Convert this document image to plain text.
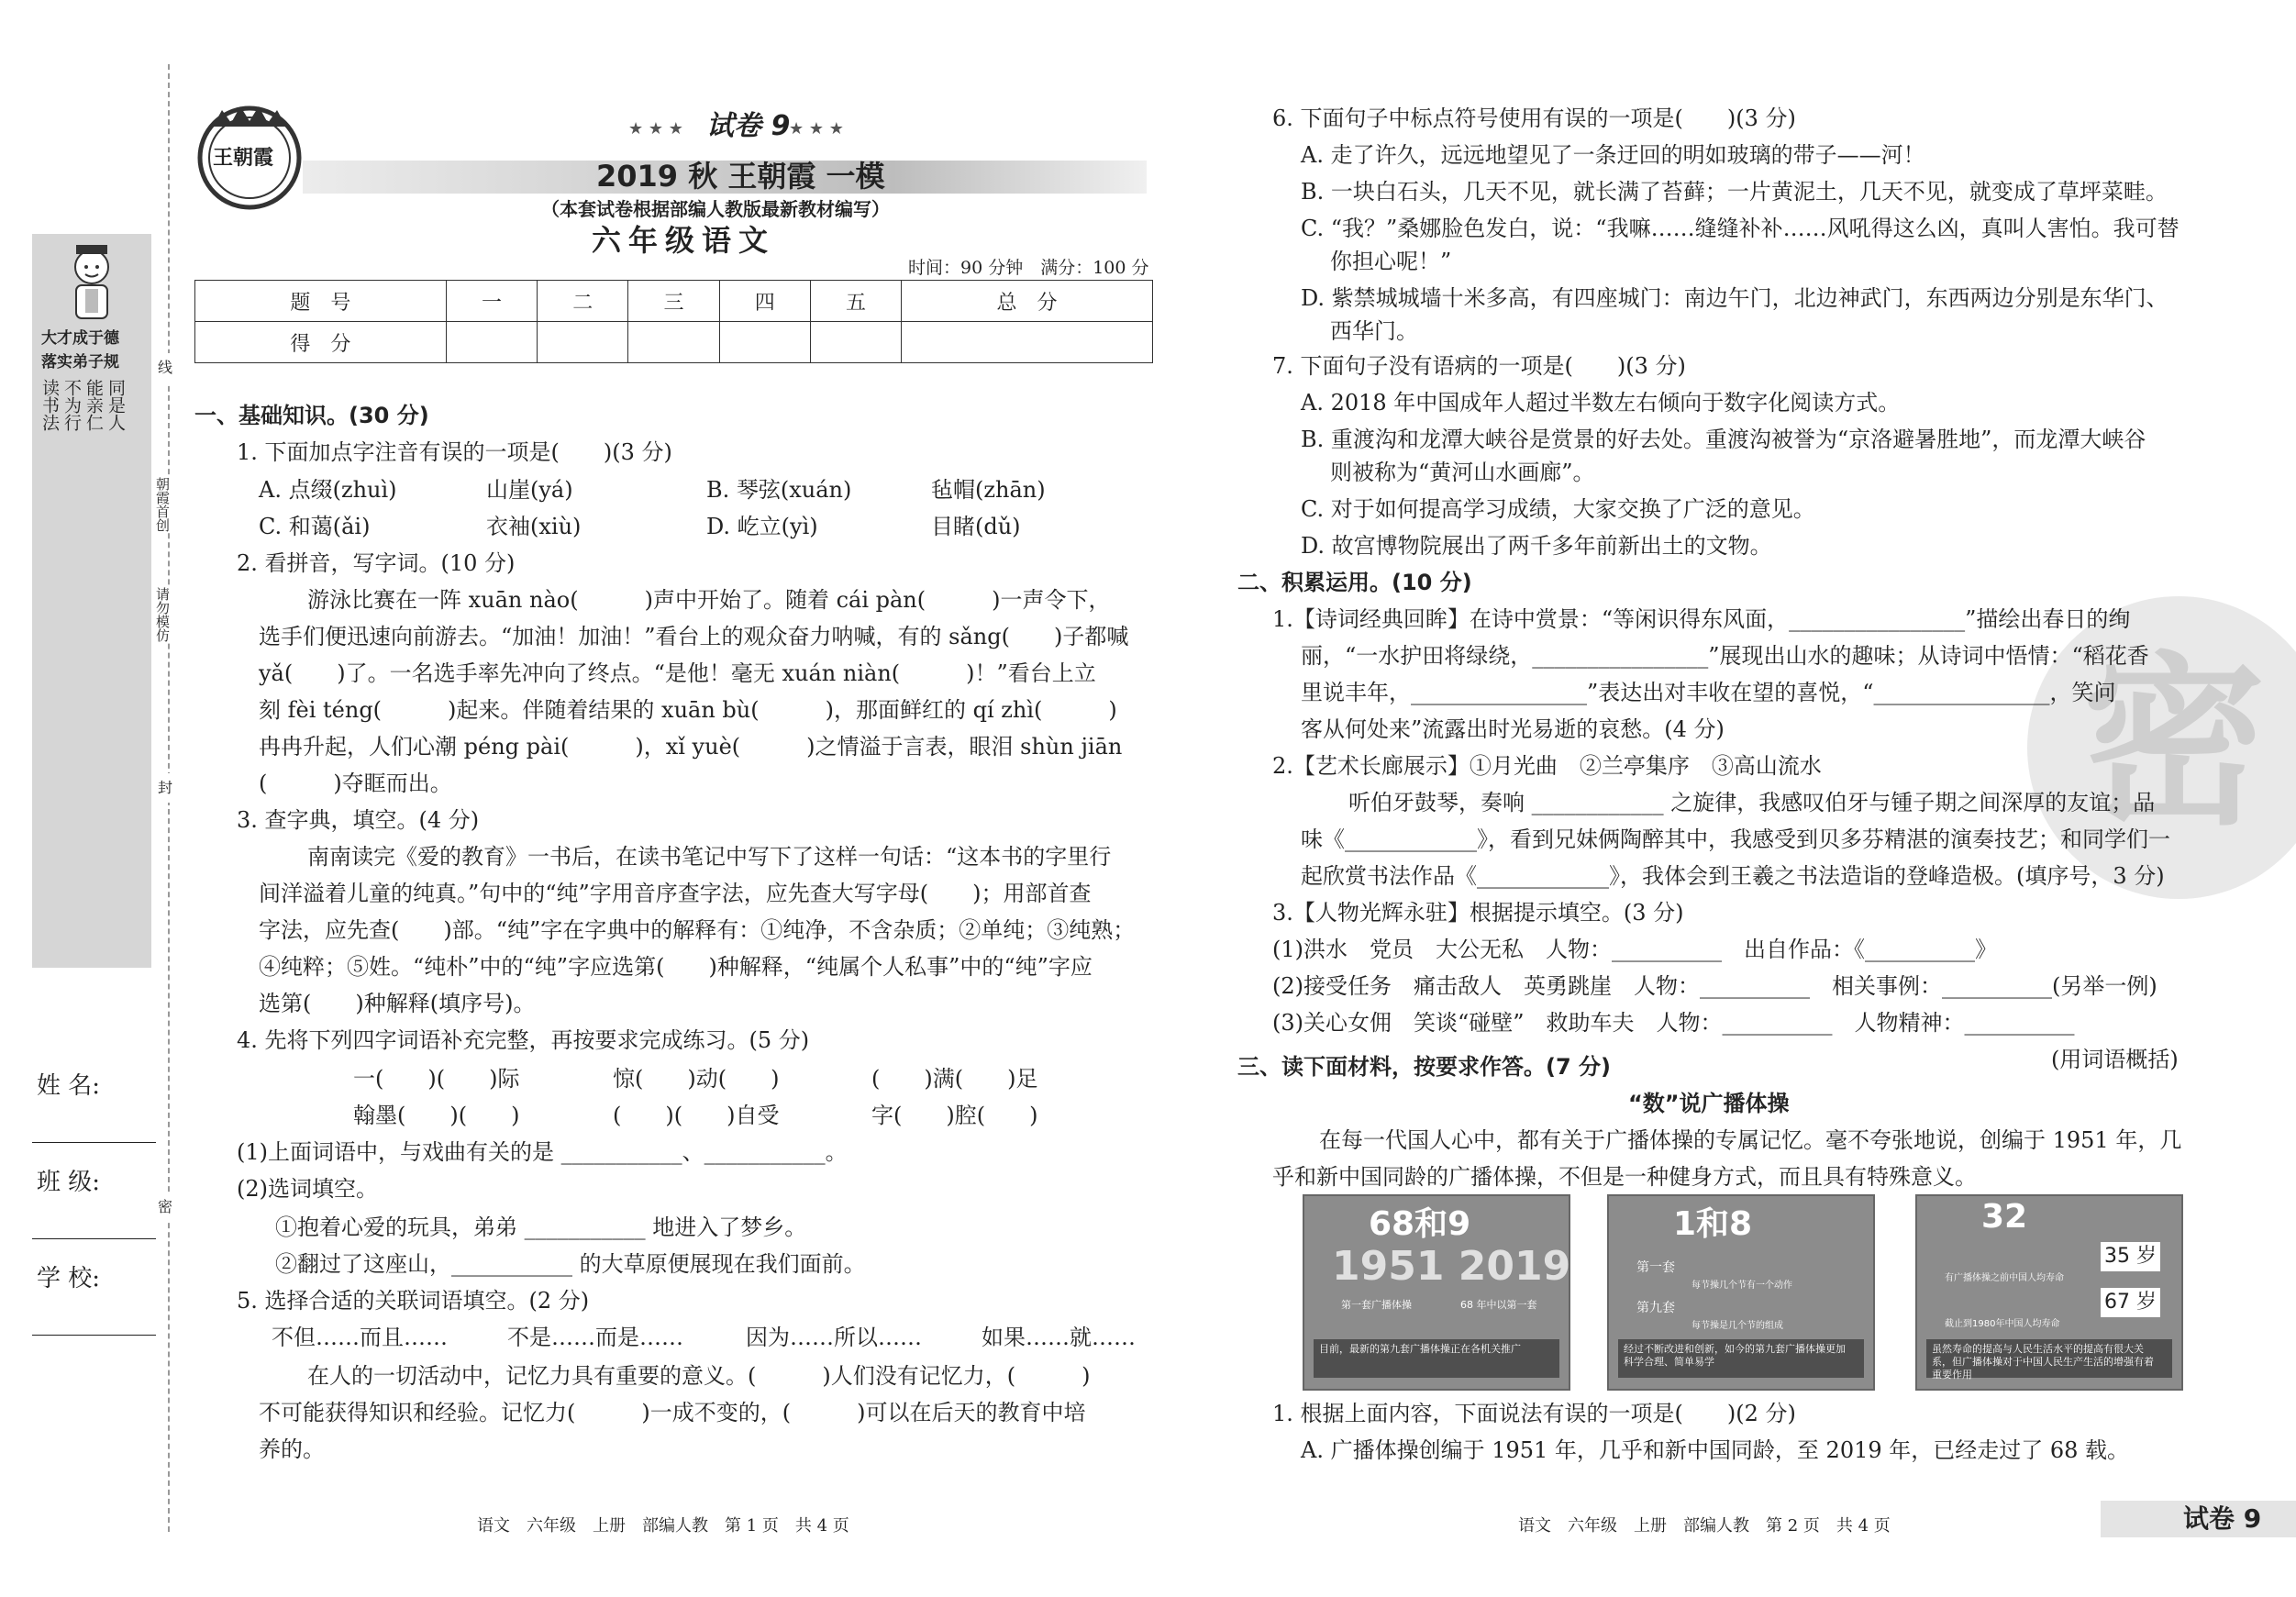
大才成于德
落实弟子规
读书法 不为行 能亲仁 同是人
线
朝霞首创
请勿模仿
封
密
姓 名:
班 级:
学 校:
王朝霞
试卷 9
★ ★ ★	★ ★ ★
2019 秋 王朝霞 一模
（本套试卷根据部编人教版最新教材编写）
六年级语文
时间：90 分钟　满分：100 分
题　号	一	二	三	四	五	总　分
得　分						
一、基础知识。(30 分)
1. 下面加点字注音有误的一项是(　　)(3 分)
A. 点缀(zhuì)	山崖(yá)	B. 琴弦(xuán)	毡帽(zhān)
C. 和蔼(ǎi)	衣袖(xiù)	D. 屹立(yì)	目睹(dǔ)
2. 看拼音，写字词。(10 分)
游泳比赛在一阵 xuān nào(　　　)声中开始了。随着 cái pàn(　　　)一声令下，
选手们便迅速向前游去。“加油！加油！”看台上的观众奋力呐喊，有的 sǎng(　　)子都喊
yǎ(　　)了。一名选手率先冲向了终点。“是他！毫无 xuán niàn(　　　)！”看台上立
刻 fèi téng(　　　)起来。伴随着结果的 xuān bù(　　　)，那面鲜红的 qí zhì(　　　)
冉冉升起，人们心潮 péng pài(　　　)，xǐ yuè(　　　)之情溢于言表，眼泪 shùn jiān
(　　　)夺眶而出。
3. 查字典，填空。(4 分)
南南读完《爱的教育》一书后，在读书笔记中写下了这样一句话：“这本书的字里行
间洋溢着儿童的纯真。”句中的“纯”字用音序查字法，应先查大写字母(　　)；用部首查
字法，应先查(　　)部。“纯”字在字典中的解释有：①纯净，不含杂质；②单纯；③纯熟；
④纯粹；⑤姓。“纯朴”中的“纯”字应选第(　　)种解释，“纯属个人私事”中的“纯”字应
选第(　　)种解释(填序号)。
4. 先将下列四字词语补充完整，再按要求完成练习。(5 分)
一(　　)(　　)际	惊(　　)动(　　)	(　　)满(　　)足
翰墨(　　)(　　)	(　　)(　　)自受	字(　　)腔(　　)
(1)上面词语中，与戏曲有关的是 ___________、___________。
(2)选词填空。
①抱着心爱的玩具，弟弟 ___________ 地进入了梦乡。
②翻过了这座山，___________ 的大草原便展现在我们面前。
5. 选择合适的关联词语填空。(2 分)
不但……而且……	不是……而是……	因为……所以……	如果……就……
在人的一切活动中，记忆力具有重要的意义。(　　　)人们没有记忆力，(　　　)
不可能获得知识和经验。记忆力(　　　)一成不变的，(　　　)可以在后天的教育中培
养的。
语文　六年级　上册　部编人教　第 1 页　共 4 页
密
6. 下面句子中标点符号使用有误的一项是(　　)(3 分)
A. 走了许久，远远地望见了一条迂回的明如玻璃的带子——河！
B. 一块白石头，几天不见，就长满了苔藓；一片黄泥土，几天不见，就变成了草坪菜畦。
C. “我？”桑娜脸色发白，说：“我嘛……缝缝补补……风吼得这么凶，真叫人害怕。我可替
你担心呢！”
D. 紫禁城城墙十米多高，有四座城门：南边午门，北边神武门，东西两边分别是东华门、
西华门。
7. 下面句子没有语病的一项是(　　)(3 分)
A. 2018 年中国成年人超过半数左右倾向于数字化阅读方式。
B. 重渡沟和龙潭大峡谷是赏景的好去处。重渡沟被誉为“京洛避暑胜地”，而龙潭大峡谷
则被称为“黄河山水画廊”。
C. 对于如何提高学习成绩，大家交换了广泛的意见。
D. 故宫博物院展出了两千多年前新出土的文物。
二、积累运用。(10 分)
1.【诗词经典回眸】在诗中赏景：“等闲识得东风面，________________”描绘出春日的绚
丽，“一水护田将绿绕，________________”展现出山水的趣味；从诗词中悟情：“稻花香
里说丰年，________________”表达出对丰收在望的喜悦，“________________，笑问
客从何处来”流露出时光易逝的哀愁。(4 分)
2.【艺术长廊展示】①月光曲　②兰亭集序　③高山流水
听伯牙鼓琴，奏响 ____________ 之旋律，我感叹伯牙与锺子期之间深厚的友谊；品
味《____________》，看到兄妹俩陶醉其中，我感受到贝多芬精湛的演奏技艺；和同学们一
起欣赏书法作品《____________》，我体会到王羲之书法造诣的登峰造极。(填序号，3 分)
3.【人物光辉永驻】根据提示填空。(3 分)
(1)洪水　党员　大公无私　人物：__________　出自作品：《__________》
(2)接受任务　痛击敌人　英勇跳崖　人物：__________　相关事例：__________(另举一例)
(3)关心女佣　笑谈“碰壁”　救助车夫　人物：__________　人物精神：__________
(用词语概括)
三、读下面材料，按要求作答。(7 分)
“数”说广播体操
在每一代国人心中，都有关于广播体操的专属记忆。毫不夸张地说，创编于 1951 年，几
乎和新中国同龄的广播体操，不但是一种健身方式，而且具有特殊意义。
68和9
1951 2019
第一套广播体操	68 年中以第一套
目前，最新的第九套广播体操正在各机关推广
1和8
第一套
第九套
每节操几个节有一个动作
每节操是几个节的组成
经过不断改进和创新，如今的第九套广播体操更加科学合理、简单易学
32
35 岁
67 岁
有广播体操之前中国人均寿命
截止到1980年中国人均寿命
虽然寿命的提高与人民生活水平的提高有很大关系，但广播体操对于中国人民生产生活的增强有着重要作用
1. 根据上面内容，下面说法有误的一项是(　　)(2 分)
A. 广播体操创编于 1951 年，几乎和新中国同龄，至 2019 年，已经走过了 68 载。
语文　六年级　上册　部编人教　第 2 页　共 4 页	试卷 9
